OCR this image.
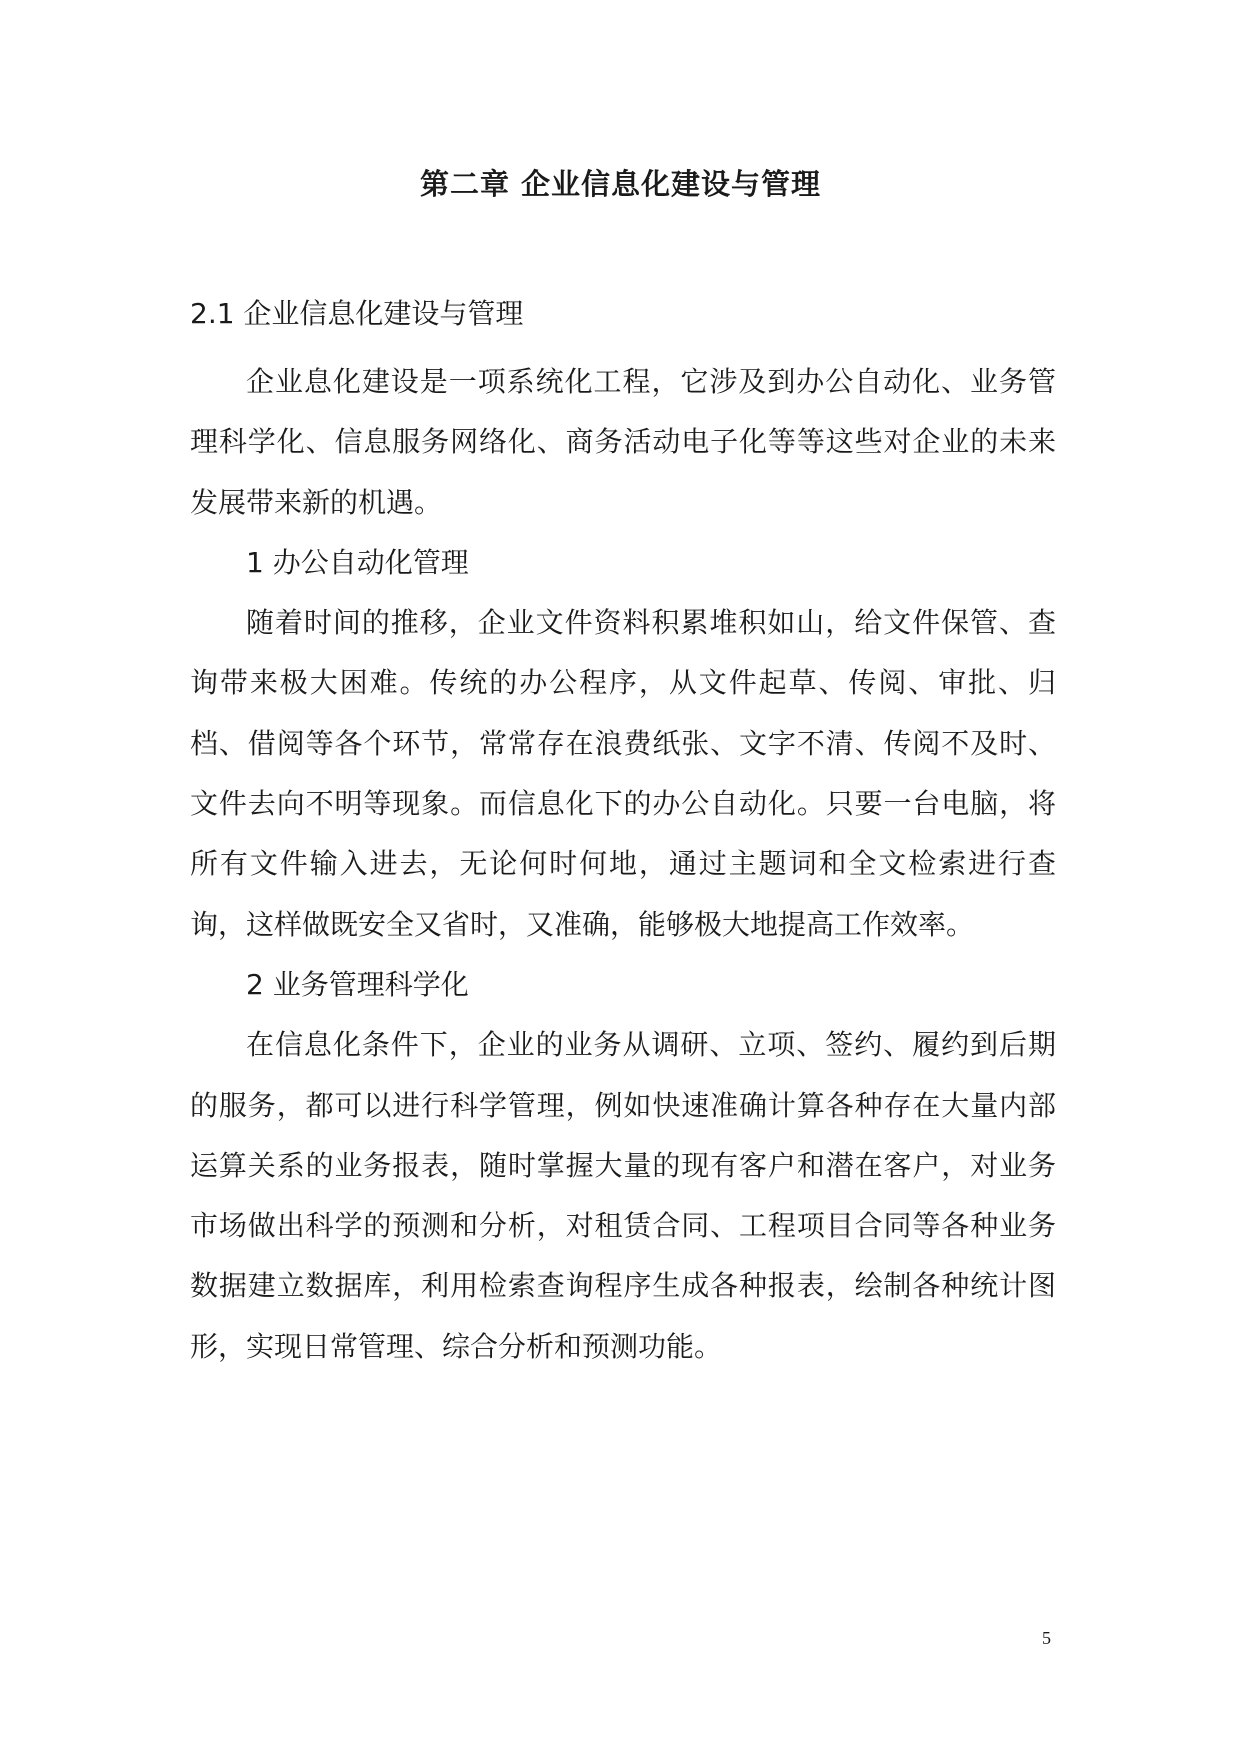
第二章 企业信息化建设与管理
2.1 企业信息化建设与管理

企业息化建设是一项系统化工程，它涉及到办公自动化、业务管理科学化、信息服务网络化、商务活动电子化等等这些对企业的未来发展带来新的机遇。

1 办公自动化管理

随着时间的推移，企业文件资料积累堆积如山，给文件保管、查询带来极大困难。传统的办公程序，从文件起草、传阅、审批、归档、借阅等各个环节，常常存在浪费纸张、文字不清、传阅不及时、文件去向不明等现象。而信息化下的办公自动化。只要一台电脑，将所有文件输入进去，无论何时何地，通过主题词和全文检索进行查询，这样做既安全又省时，又准确，能够极大地提高工作效率。

2 业务管理科学化

在信息化条件下，企业的业务从调研、立项、签约、履约到后期的服务，都可以进行科学管理，例如快速准确计算各种存在大量内部运算关系的业务报表，随时掌握大量的现有客户和潜在客户，对业务市场做出科学的预测和分析，对租赁合同、工程项目合同等各种业务数据建立数据库，利用检索查询程序生成各种报表，绘制各种统计图形，实现日常管理、综合分析和预测功能。

5
